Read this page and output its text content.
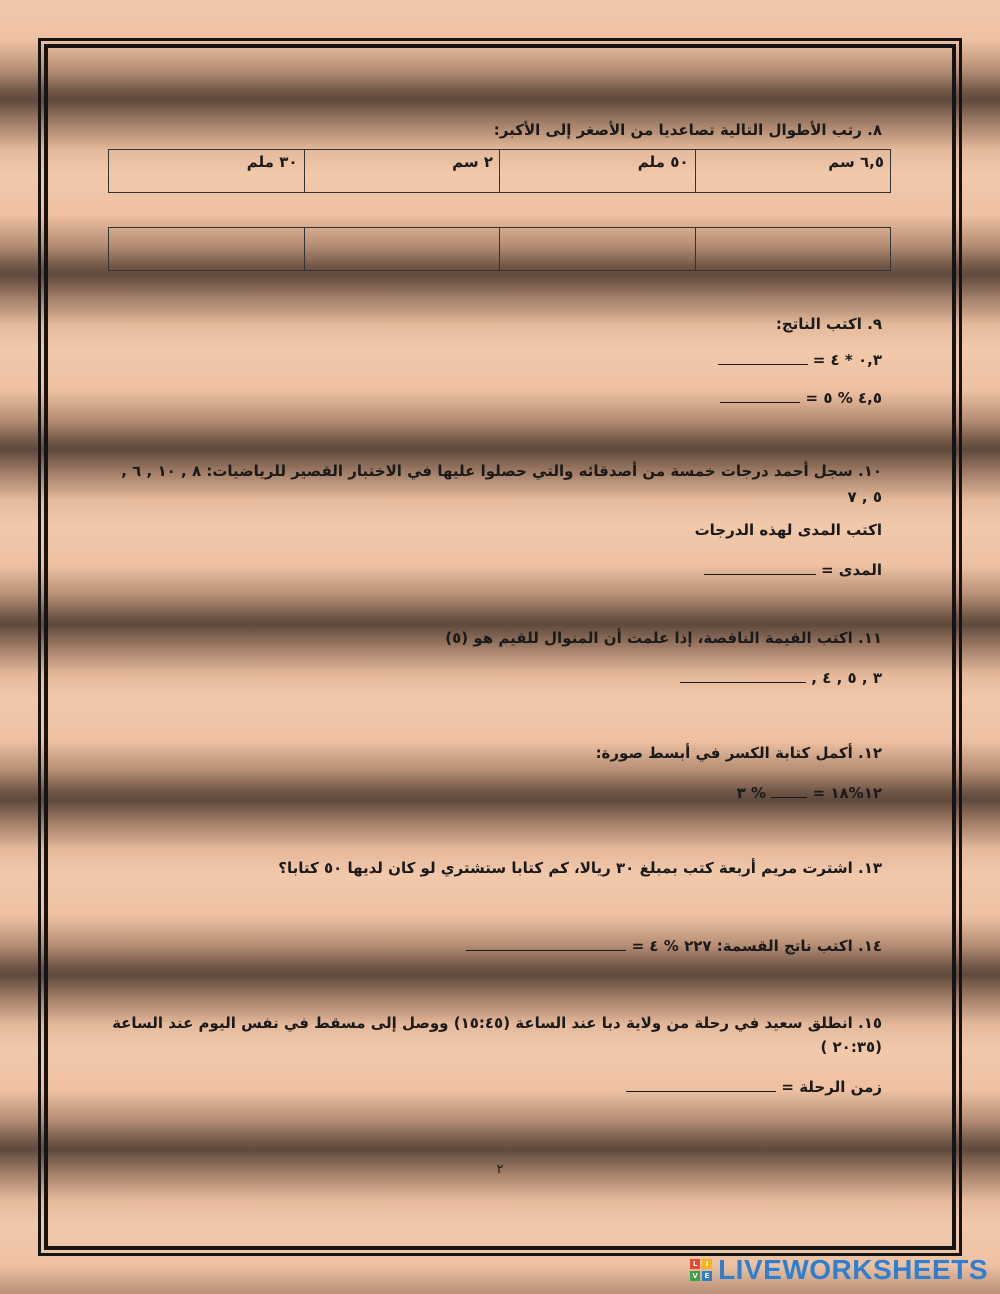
٨. رتب الأطوال التالية تصاعديا من الأصغر إلى الأكبر:

٦,٥ سم	٥٠ ملم	٢ سم	٣٠ ملم

٩. اكتب الناتج:

٠,٣ * ٤ =

٤,٥ % ٥ =

١٠. سجل أحمد درجات خمسة من أصدقائه والتي حصلوا عليها في الاختبار القصير للرياضيات: ٨ , ١٠ , ٦ , ٥ , ٧

اكتب المدى لهذه الدرجات

المدى =

١١. اكتب القيمة الناقصة، إذا علمت أن المنوال للقيم هو (٥)

٣ , ٥ , ٤ ,

١٢. أكمل كتابة الكسر في أبسط صورة:

١٢%١٨ =  % ٣

١٣. اشترت مريم أربعة كتب بمبلغ ٣٠ ريالا، كم كتابا ستشتري لو كان لديها ٥٠ كتابا؟

١٤. اكتب ناتج القسمة: ٢٢٧ % ٤ =

١٥. انطلق سعيد في رحلة من ولاية دبا عند الساعة (١٥:٤٥) ووصل إلى مسقط في نفس اليوم عند الساعة (٢٠:٣٥ )

زمن الرحلة =

٢
L	I
V E LIVEWORKSHEETS
